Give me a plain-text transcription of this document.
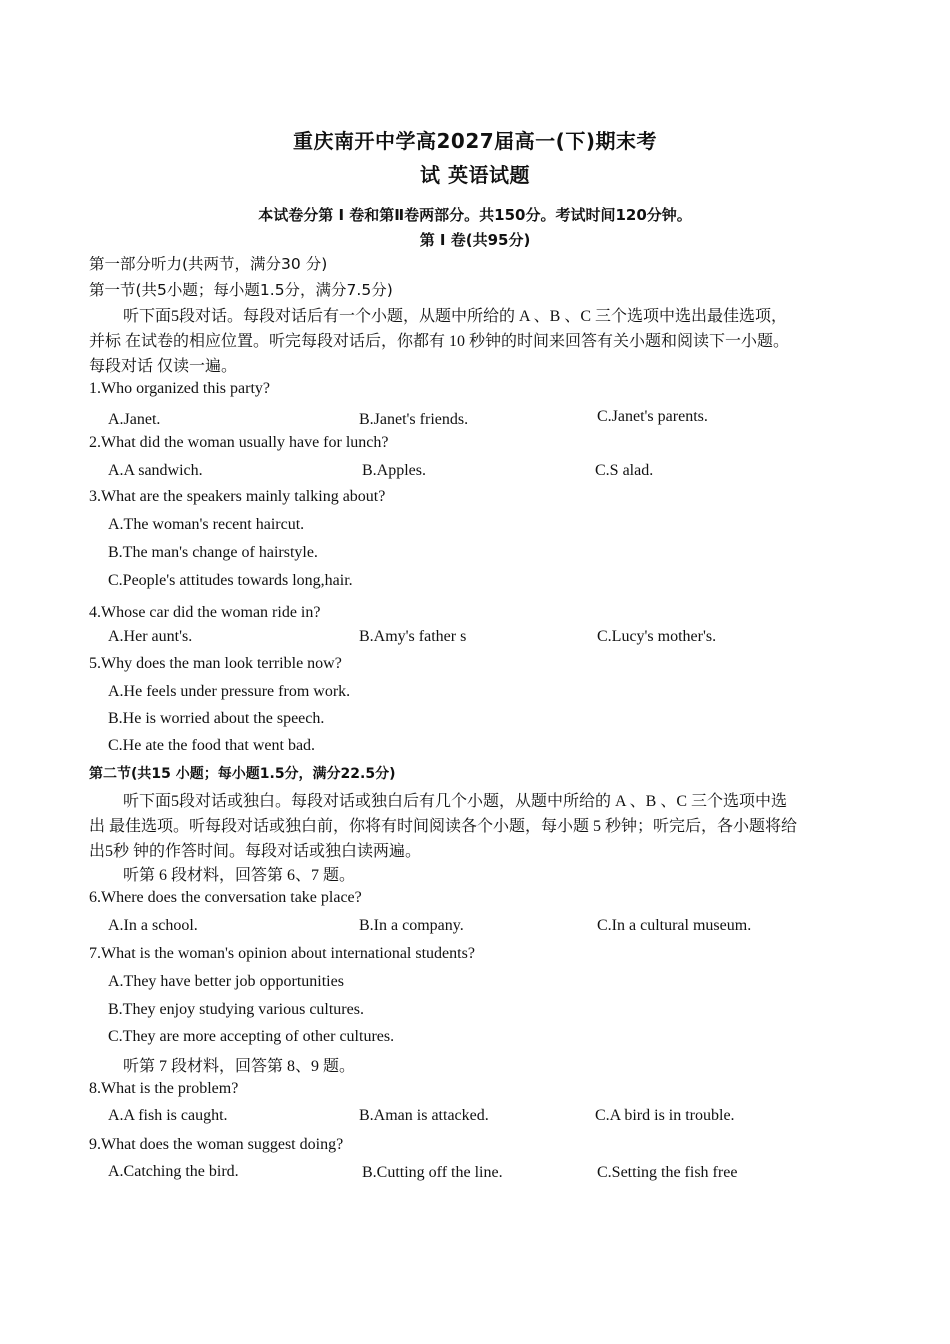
重庆南开中学高2027届高一(下)期末考
试 英语试题
本试卷分第 Ⅰ 卷和第Ⅱ卷两部分。共150分。考试时间120分钟。
第 Ⅰ 卷(共95分)
第一部分听力(共两节，满分30 分)
第一节(共5小题；每小题1.5分，满分7.5分)
听下面5段对话。每段对话后有一个小题，从题中所给的 A 、B 、C 三个选项中选出最佳选项，
并标 在试卷的相应位置。听完每段对话后，你都有 10 秒钟的时间来回答有关小题和阅读下一小题。
每段对话 仅读一遍。
1.Who organized this party?
A.Janet.	B.Janet's friends.	C.Janet's parents.
2.What did the woman usually have for lunch?
A.A sandwich.	B.Apples.	C.S alad.
3.What are the speakers mainly talking about?
A.The woman's recent haircut.
B.The man's change of hairstyle.
C.People's attitudes towards long,hair.
4.Whose car did the woman ride in?
A.Her aunt's.	B.Amy's father s	C.Lucy's mother's.
5.Why does the man look terrible now?
A.He feels under pressure from work.
B.He is worried about the speech.
C.He ate the food that went bad.
第二节(共15 小题；每小题1.5分，满分22.5分)
听下面5段对话或独白。每段对话或独白后有几个小题，从题中所给的 A 、B 、C 三个选项中选
出 最佳选项。听每段对话或独白前，你将有时间阅读各个小题，每小题 5 秒钟；听完后，各小题将给
出5秒 钟的作答时间。每段对话或独白读两遍。
听第 6 段材料，回答第 6、7 题。
6.Where does the conversation take place?
A.In a school.	B.In a company.	C.In a cultural museum.
7.What is the woman's opinion about international students?
A.They have better job opportunities
B.They enjoy studying various cultures.
C.They are more accepting of other cultures.
听第 7 段材料，回答第 8、9 题。
8.What is the problem?
A.A fish is caught.	B.Aman is attacked.	C.A bird is in trouble.
9.What does the woman suggest doing?
A.Catching the bird.	B.Cutting off the line.	C.Setting the fish free
